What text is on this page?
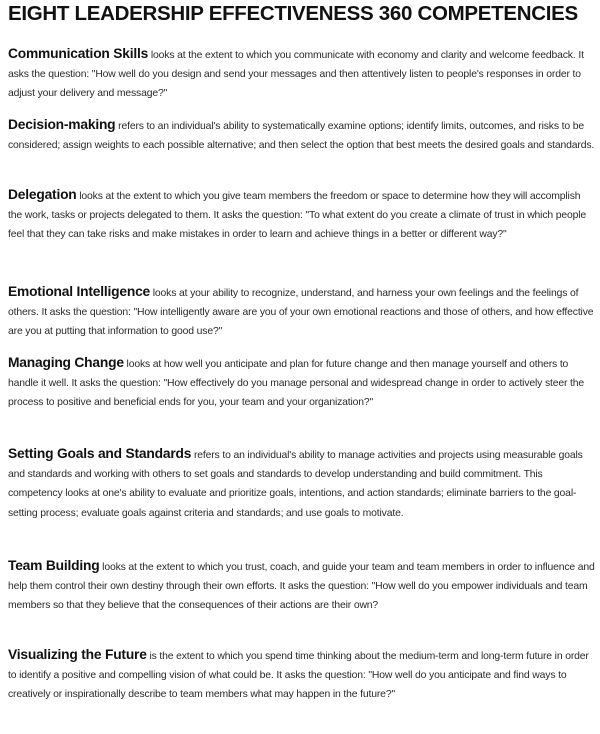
EIGHT LEADERSHIP EFFECTIVENESS 360 COMPETENCIES

Communication Skills looks at the extent to which you communicate with economy and clarity and welcome feedback. It asks the question: "How well do you design and send your messages and then attentively listen to people's responses in order to adjust your delivery and message?"

Decision-making refers to an individual's ability to systematically examine options; identify limits, outcomes, and risks to be considered; assign weights to each possible alternative; and then select the option that best meets the desired goals and standards.

Delegation looks at the extent to which you give team members the freedom or space to determine how they will accomplish the work, tasks or projects delegated to them. It asks the question: "To what extent do you create a climate of trust in which people feel that they can take risks and make mistakes in order to learn and achieve things in a better or different way?"

Emotional Intelligence looks at your ability to recognize, understand, and harness your own feelings and the feelings of others. It asks the question: "How intelligently aware are you of your own emotional reactions and those of others, and how effective are you at putting that information to good use?"

Managing Change looks at how well you anticipate and plan for future change and then manage yourself and others to handle it well. It asks the question: "How effectively do you manage personal and widespread change in order to actively steer the process to positive and beneficial ends for you, your team and your organization?"

Setting Goals and Standards refers to an individual's ability to manage activities and projects using measurable goals and standards and working with others to set goals and standards to develop understanding and build commitment. This competency looks at one's ability to evaluate and prioritize goals, intentions, and action standards; eliminate barriers to the goal-setting process; evaluate goals against criteria and standards; and use goals to motivate.

Team Building looks at the extent to which you trust, coach, and guide your team and team members in order to influence and help them control their own destiny through their own efforts. It asks the question: "How well do you empower individuals and team members so that they believe that the consequences of their actions are their own?

Visualizing the Future is the extent to which you spend time thinking about the medium-term and long-term future in order to identify a positive and compelling vision of what could be. It asks the question: "How well do you anticipate and find ways to creatively or inspirationally describe to team members what may happen in the future?"
